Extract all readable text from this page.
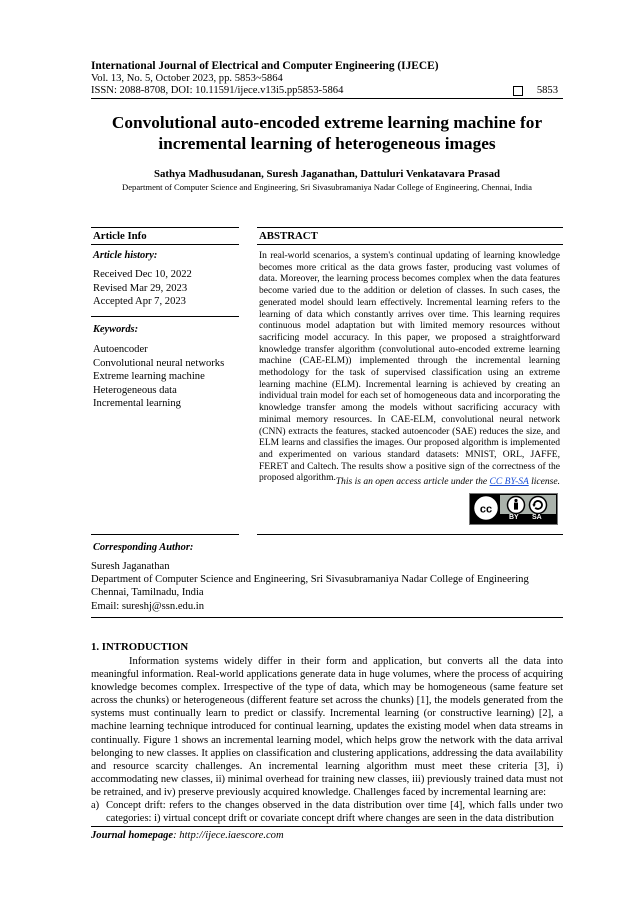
International Journal of Electrical and Computer Engineering (IJECE)
Vol. 13, No. 5, October 2023, pp. 5853~5864
ISSN: 2088-8708, DOI: 10.11591/ijece.v13i5.pp5853-5864	5853
Convolutional auto-encoded extreme learning machine for incremental learning of heterogeneous images
Sathya Madhusudanan, Suresh Jaganathan, Dattuluri Venkatavara Prasad
Department of Computer Science and Engineering, Sri Sivasubramaniya Nadar College of Engineering, Chennai, India
Article Info
Article history:
Received Dec 10, 2022
Revised Mar 29, 2023
Accepted Apr 7, 2023
Keywords:
Autoencoder
Convolutional neural networks
Extreme learning machine
Heterogeneous data
Incremental learning
ABSTRACT
In real-world scenarios, a system's continual updating of learning knowledge becomes more critical as the data grows faster, producing vast volumes of data. Moreover, the learning process becomes complex when the data features become varied due to the addition or deletion of classes. In such cases, the generated model should learn effectively. Incremental learning refers to the learning of data which constantly arrives over time. This learning requires continuous model adaptation but with limited memory resources without sacrificing model accuracy. In this paper, we proposed a straightforward knowledge transfer algorithm (convolutional auto-encoded extreme learning machine (CAE-ELM)) implemented through the incremental learning methodology for the task of supervised classification using an extreme learning machine (ELM). Incremental learning is achieved by creating an individual train model for each set of homogeneous data and incorporating the knowledge transfer among the models without sacrificing accuracy with minimal memory resources. In CAE-ELM, convolutional neural network (CNN) extracts the features, stacked autoencoder (SAE) reduces the size, and ELM learns and classifies the images. Our proposed algorithm is implemented and experimented on various standard datasets: MNIST, ORL, JAFFE, FERET and Caltech. The results show a positive sign of the correctness of the proposed algorithm. This is an open access article under the CC BY-SA license.
cc
BY SA
Corresponding Author:
Suresh Jaganathan
Department of Computer Science and Engineering, Sri Sivasubramaniya Nadar College of Engineering
Chennai, Tamilnadu, India
Email: sureshj@ssn.edu.in
1. INTRODUCTION

Information systems widely differ in their form and application, but converts all the data into meaningful information. Real-world applications generate data in huge volumes, where the process of acquiring knowledge becomes complex. Irrespective of the type of data, which may be homogeneous (same feature set across the chunks) or heterogeneous (different feature set across the chunks) [1], the models generated from the systems must continually learn to predict or classify. Incremental learning (or constructive learning) [2], a machine learning technique introduced for continual learning, updates the existing model when data streams in continually. Figure 1 shows an incremental learning model, which helps grow the network with the data arrival belonging to new classes. It applies on classification and clustering applications, addressing the data availability and resource scarcity challenges. An incremental learning algorithm must meet these criteria [3], i) accommodating new classes, ii) minimal overhead for training new classes, iii) previously trained data must not be retrained, and iv) preserve previously acquired knowledge. Challenges faced by incremental learning are:

a) Concept drift: refers to the changes observed in the data distribution over time [4], which falls under two categories: i) virtual concept drift or covariate concept drift where changes are seen in the data distribution
Journal homepage: http://ijece.iaescore.com
